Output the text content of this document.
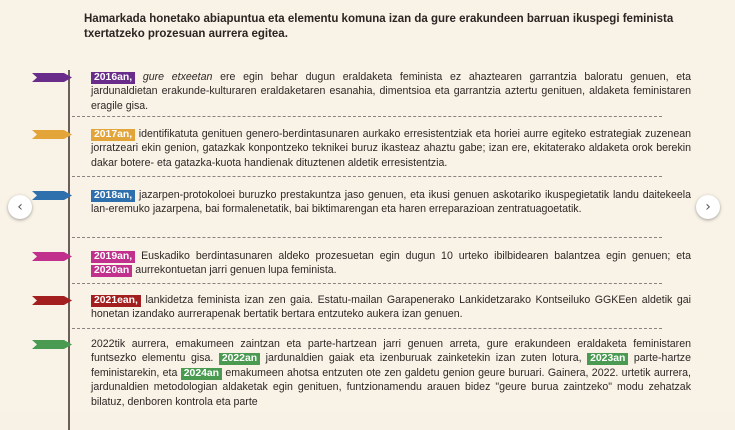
Hamarkada honetako abiapuntua eta elementu komuna izan da gure erakundeen barruan ikuspegi feminista txertatzeko prozesuan aurrera egitea.
2016an, gure etxeetan ere egin behar dugun eraldaketa feminista ez ahaztearen garrantzia baloratu genuen, eta jardunaldietan erakunde-kulturaren eraldaketaren esanahia, dimentsioa eta garrantzia aztertu genituen, aldaketa feministaren eragile gisa.
2017an, identifikatuta genituen genero-berdintasunaren aurkako erresistentziak eta horiei aurre egiteko estrategiak zuzenean jorratzeari ekin genion, gatazkak konpontzeko teknikei buruz ikasteaz ahaztu gabe; izan ere, ekitaterako aldaketa orok berekin dakar botere- eta gatazka-kuota handienak dituztenen aldetik erresistentzia.
2018an, jazarpen-protokoloei buruzko prestakuntza jaso genuen, eta ikusi genuen askotariko ikuspegietatik landu daitekeela lan-eremuko jazarpena, bai formalenetatik, bai biktimarengan eta haren erreparazioan zentratuagoetatik.
2019an, Euskadiko berdintasunaren aldeko prozesuetan egin dugun 10 urteko ibilbidearen balantzea egin genuen; eta 2020an aurrekontuetan jarri genuen lupa feminista.
2021ean, lankidetza feminista izan zen gaia. Estatu-mailan Garapenerako Lankidetzarako Kontseiluko GGKEen aldetik gai honetan izandako aurrerapenak bertatik bertara entzuteko aukera izan genuen.
2022tik aurrera, emakumeen zaintzan eta parte-hartzean jarri genuen arreta, gure erakundeen eraldaketa feministaren funtsezko elementu gisa. 2022an jardunaldien gaiak eta izenburuak zainketekin izan zuten lotura, 2023an parte-hartze feministarekin, eta 2024an emakumeen ahotsa entzuten ote zen galdetu genion geure buruari. Gainera, 2022. urtetik aurrera, jardunaldien metodologian aldaketak egin genituen, funtzionamendu arauen bidez "geure burua zaintzeko" modu zehatzak bilatuz, denboren kontrola eta parte
‹	›
